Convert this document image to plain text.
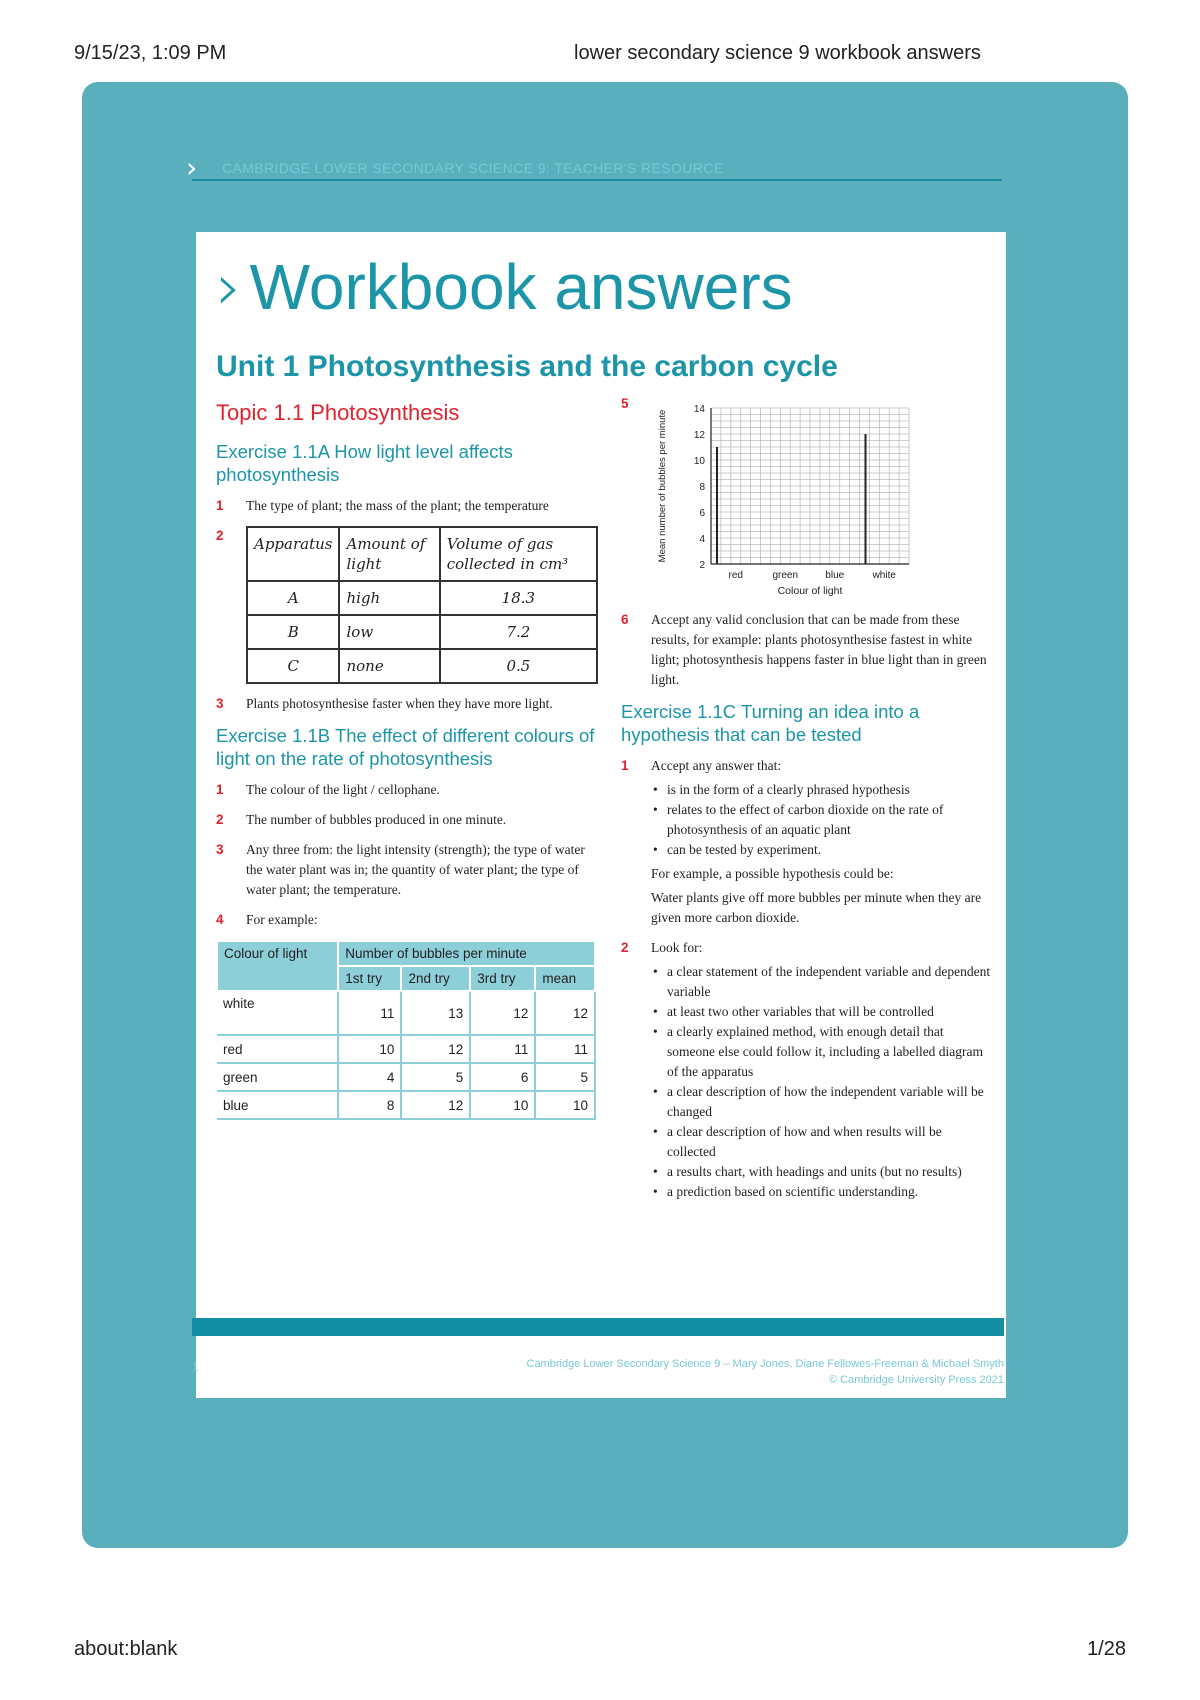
9/15/23, 1:09 PM	lower secondary science 9 workbook answers
about:blank	1/28
› CAMBRIDGE LOWER SECONDARY SCIENCE 9: TEACHER'S RESOURCE
› Workbook answers
Unit 1 Photosynthesis and the carbon cycle
Topic 1.1 Photosynthesis
Exercise 1.1A How light level affects photosynthesis
1 The type of plant; the mass of the plant; the temperature

2 Apparatus	Amount of light	Volume of gas collected in cm³
A	high	18.3
B	low	7.2
C	none	0.5
3 Plants photosynthesise faster when they have more light.

Exercise 1.1B The effect of different colours of light on the rate of photosynthesis
1 The colour of the light / cellophane.

2 The number of bubbles produced in one minute.

3 Any three from: the light intensity (strength); the type of water the water plant was in; the quantity of water plant; the type of water plant; the temperature.

4 For example:

Colour of light	Number of bubbles per minute			
	1st try	2nd try	3rd try	mean
white	11	13	12	12
red	10	12	11	11
green	4	5	6	5
blue	8	12	10	10
5
2
4
6
8
10
12
14
red	green	blue	white
Colour of light
Mean number of bubbles per minute
6 Accept any valid conclusion that can be made from these results, for example: plants photosynthesise fastest in white light; photosynthesis happens faster in blue light than in green light.

Exercise 1.1C Turning an idea into a hypothesis that can be tested
1 Accept any answer that:

• is in the form of a clearly phrased hypothesis
• relates to the effect of carbon dioxide on the rate of photosynthesis of an aquatic plant
• can be tested by experiment.

For example, a possible hypothesis could be:

Water plants give off more bubbles per minute when they are given more carbon dioxide.

2 Look for:

• a clear statement of the independent variable and dependent variable
• at least two other variables that will be controlled
• a clearly explained method, with enough detail that someone else could follow it, including a labelled diagram of the apparatus
• a clear description of how the independent variable will be changed
• a clear description of how and when results will be collected
• a results chart, with headings and units (but no results)
• a prediction based on scientific understanding.
1 ›	Cambridge Lower Secondary Science 9 – Mary Jones, Diane Fellowes-Freeman & Michael Smyth
© Cambridge University Press 2021
